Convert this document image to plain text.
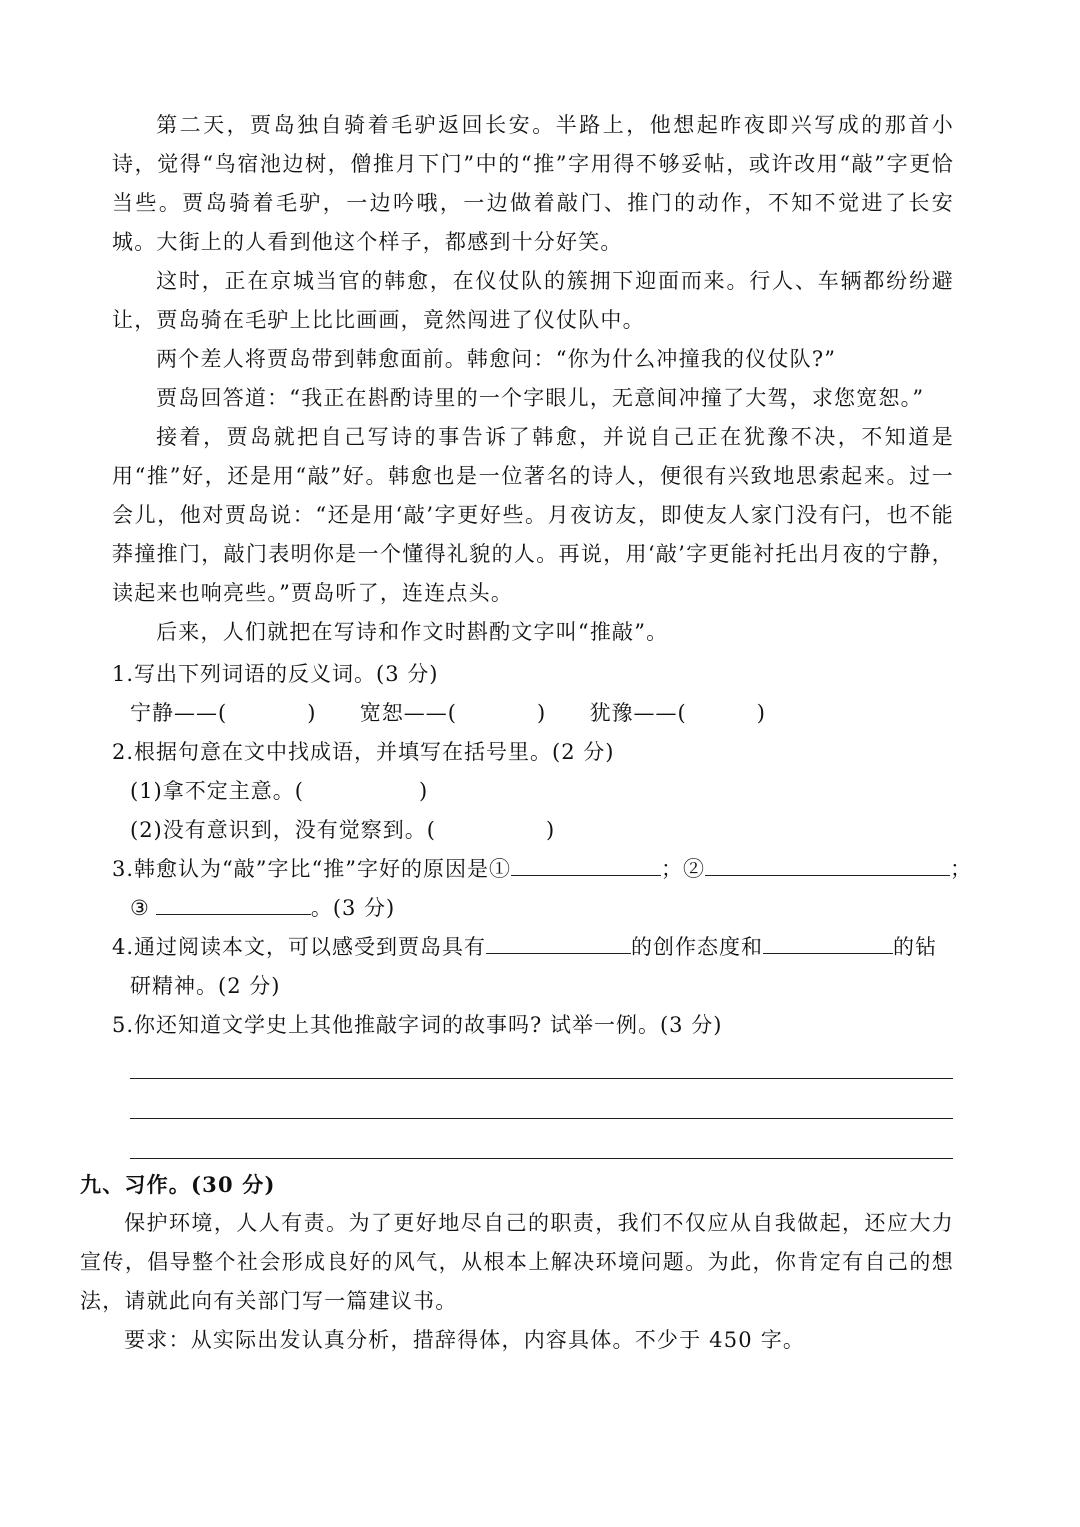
第二天，贾岛独自骑着毛驴返回长安。半路上，他想起昨夜即兴写成的那首小诗，觉得“鸟宿池边树，僧推月下门”中的“推”字用得不够妥帖，或许改用“敲”字更恰当些。贾岛骑着毛驴，一边吟哦，一边做着敲门、推门的动作，不知不觉进了长安城。大街上的人看到他这个样子，都感到十分好笑。

这时，正在京城当官的韩愈，在仪仗队的簇拥下迎面而来。行人、车辆都纷纷避让，贾岛骑在毛驴上比比画画，竟然闯进了仪仗队中。

两个差人将贾岛带到韩愈面前。韩愈问：“你为什么冲撞我的仪仗队?”

贾岛回答道：“我正在斟酌诗里的一个字眼儿，无意间冲撞了大驾，求您宽恕。”

接着，贾岛就把自己写诗的事告诉了韩愈，并说自己正在犹豫不决，不知道是用“推”好，还是用“敲”好。韩愈也是一位著名的诗人，便很有兴致地思索起来。过一会儿，他对贾岛说：“还是用‘敲’字更好些。月夜访友，即使友人家门没有闩，也不能莽撞推门，敲门表明你是一个懂得礼貌的人。再说，用‘敲’字更能衬托出月夜的宁静，读起来也响亮些。”贾岛听了，连连点头。

后来，人们就把在写诗和作文时斟酌文字叫“推敲”。

1.写出下列词语的反义词。(3 分)
宁静——(	) 宽恕——(	) 犹豫——(	)
2.根据句意在文中找成语，并填写在括号里。(2 分)
(1)拿不定主意。(	)
(2)没有意识到，没有觉察到。(	)
3.韩愈认为“敲”字比“推”字好的原因是①	；②	；
③	。(3 分)
4.通过阅读本文，可以感受到贾岛具有	的创作态度和	的钻
研精神。(2 分)
5.你还知道文学史上其他推敲字词的故事吗? 试举一例。(3 分)

九、习作。(30 分)

保护环境，人人有责。为了更好地尽自己的职责，我们不仅应从自我做起，还应大力宣传，倡导整个社会形成良好的风气，从根本上解决环境问题。为此，你肯定有自己的想法，请就此向有关部门写一篇建议书。

要求：从实际出发认真分析，措辞得体，内容具体。不少于 450 字。
